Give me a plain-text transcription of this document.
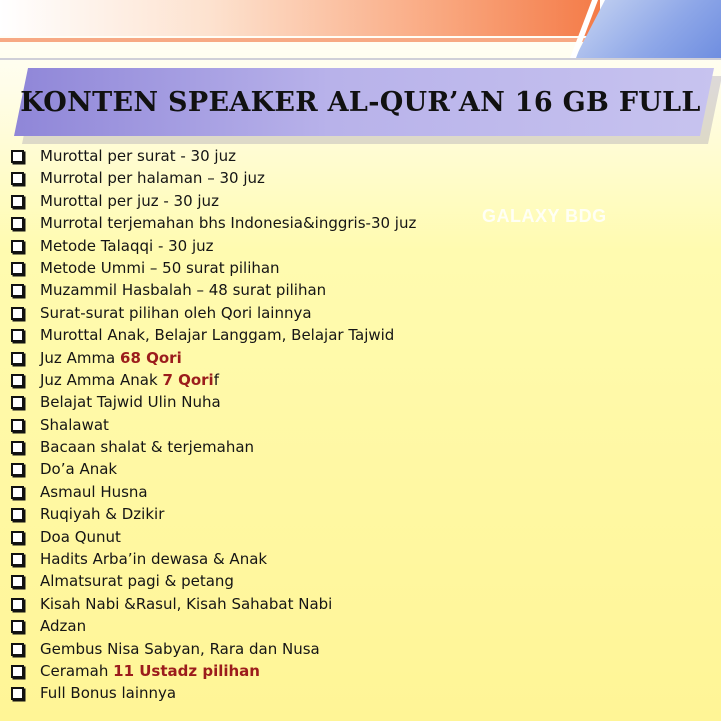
KONTEN SPEAKER AL-QUR’AN 16 GB FULL
GALAXY BDG
Murottal per surat - 30 juz
Murrotal per halaman – 30 juz
Murottal per juz - 30 juz
Murrotal terjemahan bhs Indonesia&inggris-30 juz
Metode Talaqqi - 30 juz
Metode Ummi – 50 surat pilihan
Muzammil Hasbalah – 48 surat pilihan
Surat-surat pilihan oleh Qori lainnya
Murottal Anak, Belajar Langgam, Belajar Tajwid
Juz Amma 68 Qori
Juz Amma Anak 7 Qorif
Belajat Tajwid Ulin Nuha
Shalawat
Bacaan shalat & terjemahan
Do’a Anak
Asmaul Husna
Ruqiyah & Dzikir
Doa Qunut
Hadits Arba’in dewasa & Anak
Almatsurat pagi & petang
Kisah Nabi &Rasul, Kisah Sahabat Nabi
Adzan
Gembus Nisa Sabyan, Rara dan Nusa
Ceramah 11 Ustadz pilihan
Full Bonus lainnya
